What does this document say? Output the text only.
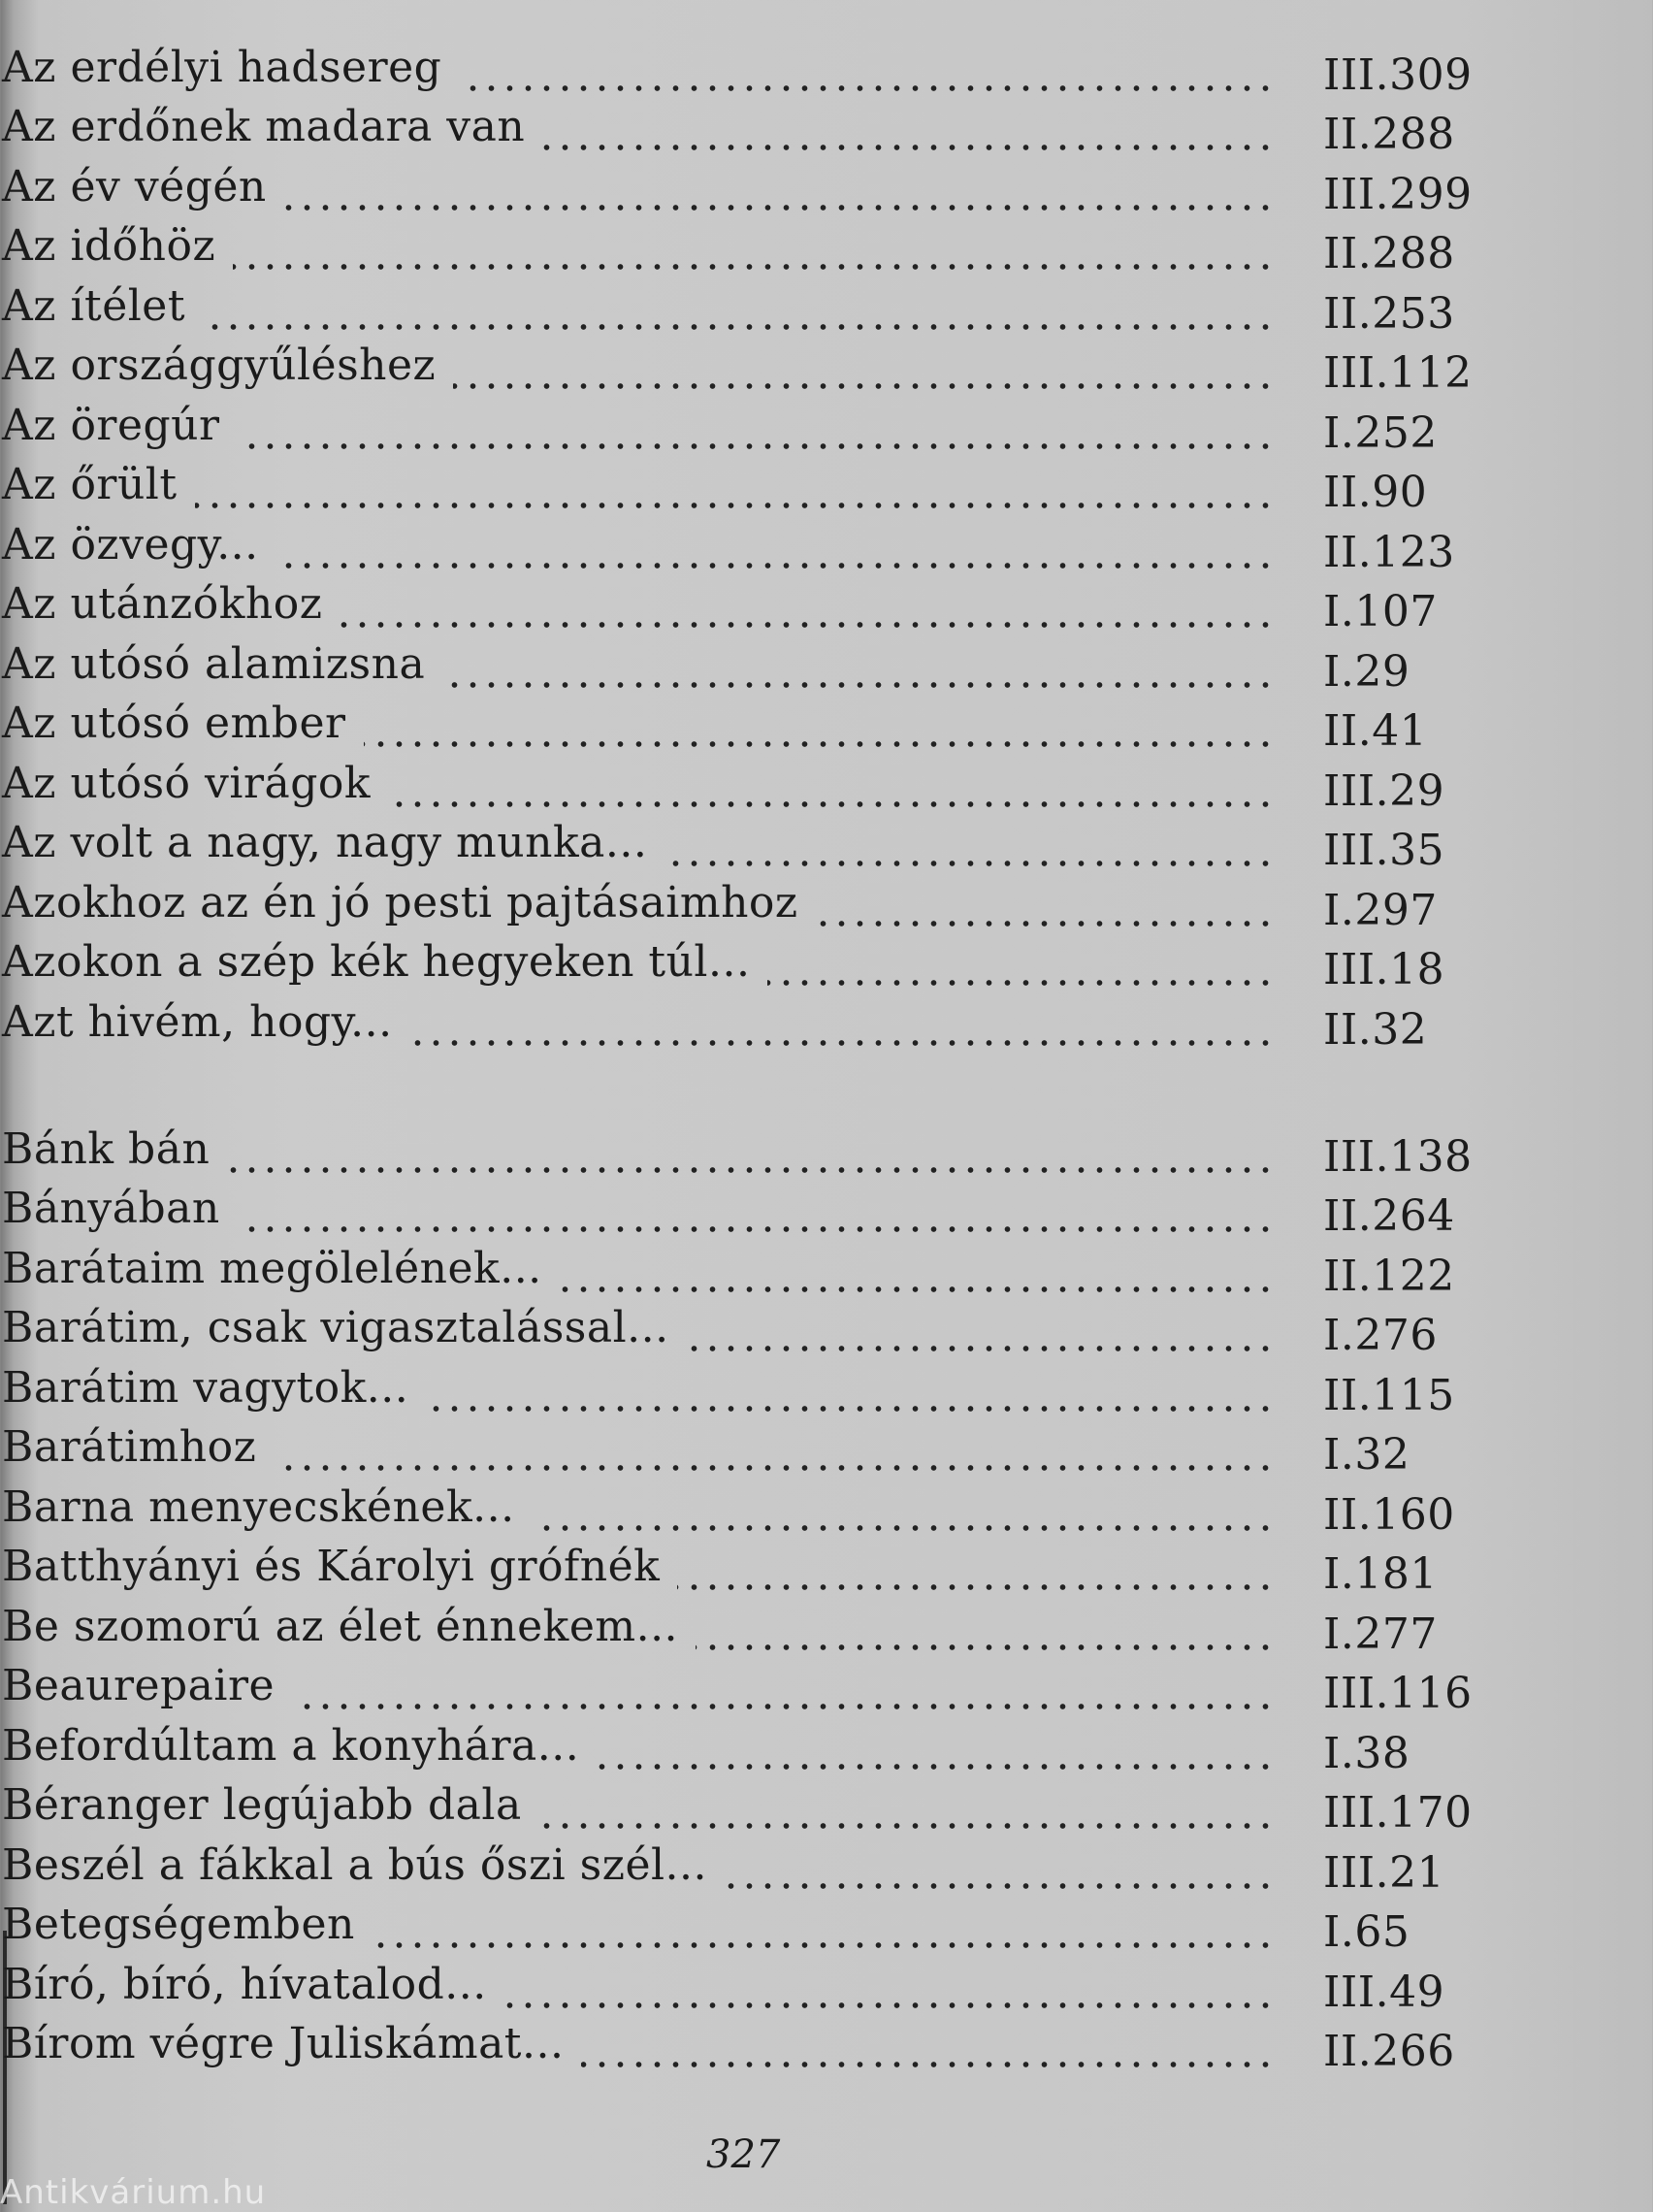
Az erdélyi hadsereg	III.309
Az erdőnek madara van	II.288
Az év végén	III.299
Az időhöz	II.288
Az ítélet	II.253
Az országgyűléshez	III.112
Az öregúr	I.252
Az őrült	II.90
Az özvegy...	II.123
Az utánzókhoz	I.107
Az utósó alamizsna	I.29
Az utósó ember	II.41
Az utósó virágok	III.29
Az volt a nagy, nagy munka...	III.35
Azokhoz az én jó pesti pajtásaimhoz	I.297
Azokon a szép kék hegyeken túl...	III.18
Azt hivém, hogy...	II.32
Bánk bán	III.138
Bányában	II.264
Barátaim megölelének...	II.122
Barátim, csak vigasztalással...	I.276
Barátim vagytok...	II.115
Barátimhoz	I.32
Barna menyecskének...	II.160
Batthyányi és Károlyi grófnék	I.181
Be szomorú az élet énnekem...	I.277
Beaurepaire	III.116
Befordúltam a konyhára...	I.38
Béranger legújabb dala	III.170
Beszél a fákkal a bús őszi szél...	III.21
Betegségemben	I.65
Bíró, bíró, hívatalod...	III.49
Bírom végre Juliskámat...	II.266
327
Antikvárium.hu
